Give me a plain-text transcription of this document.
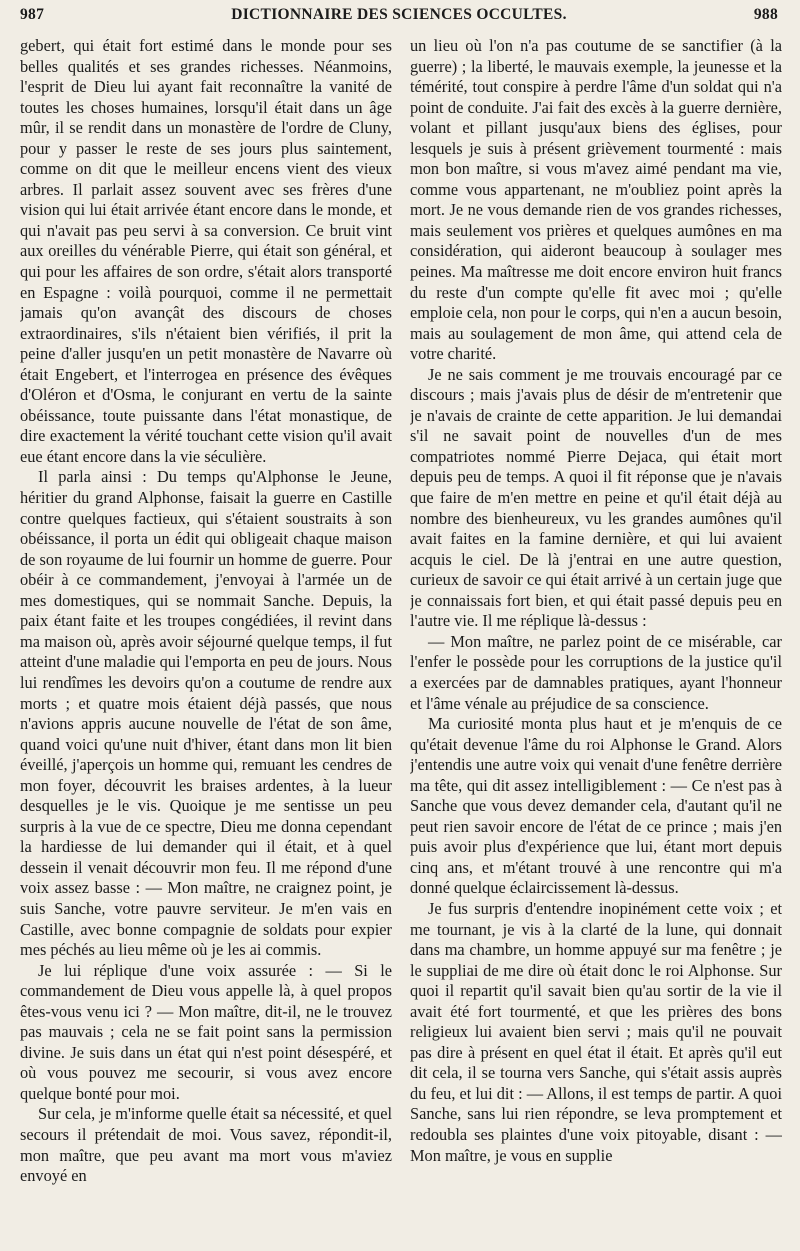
987	DICTIONNAIRE DES SCIENCES OCCULTES.	988

gebert, qui était fort estimé dans le monde pour ses belles qualités et ses grandes richesses. Néanmoins, l'esprit de Dieu lui ayant fait reconnaître la vanité de toutes les choses humaines, lorsqu'il était dans un âge mûr, il se rendit dans un monastère de l'ordre de Cluny, pour y passer le reste de ses jours plus saintement, comme on dit que le meilleur encens vient des vieux arbres. Il parlait assez souvent avec ses frères d'une vision qui lui était arrivée étant encore dans le monde, et qui n'avait pas peu servi à sa conversion. Ce bruit vint aux oreilles du vénérable Pierre, qui était son général, et qui pour les affaires de son ordre, s'était alors transporté en Espagne : voilà pourquoi, comme il ne permettait jamais qu'on avançât des discours de choses extraordinaires, s'ils n'étaient bien vérifiés, il prit la peine d'aller jusqu'en un petit monastère de Navarre où était Engebert, et l'interrogea en présence des évêques d'Oléron et d'Osma, le conjurant en vertu de la sainte obéissance, toute puissante dans l'état monastique, de dire exactement la vérité touchant cette vision qu'il avait eue étant encore dans la vie séculière.

Il parla ainsi : Du temps qu'Alphonse le Jeune, héritier du grand Alphonse, faisait la guerre en Castille contre quelques factieux, qui s'étaient soustraits à son obéissance, il porta un édit qui obligeait chaque maison de son royaume de lui fournir un homme de guerre. Pour obéir à ce commandement, j'envoyai à l'armée un de mes domestiques, qui se nommait Sanche. Depuis, la paix étant faite et les troupes congédiées, il revint dans ma maison où, après avoir séjourné quelque temps, il fut atteint d'une maladie qui l'emporta en peu de jours. Nous lui rendîmes les devoirs qu'on a coutume de rendre aux morts ; et quatre mois étaient déjà passés, que nous n'avions appris aucune nouvelle de l'état de son âme, quand voici qu'une nuit d'hiver, étant dans mon lit bien éveillé, j'aperçois un homme qui, remuant les cendres de mon foyer, découvrit les braises ardentes, à la lueur desquelles je le vis. Quoique je me sentisse un peu surpris à la vue de ce spectre, Dieu me donna cependant la hardiesse de lui demander qui il était, et à quel dessein il venait découvrir mon feu. Il me répond d'une voix assez basse : — Mon maître, ne craignez point, je suis Sanche, votre pauvre serviteur. Je m'en vais en Castille, avec bonne compagnie de soldats pour expier mes péchés au lieu même où je les ai commis.

Je lui réplique d'une voix assurée : — Si le commandement de Dieu vous appelle là, à quel propos êtes-vous venu ici ? — Mon maître, dit-il, ne le trouvez pas mauvais ; cela ne se fait point sans la permission divine. Je suis dans un état qui n'est point désespéré, et où vous pouvez me secourir, si vous avez encore quelque bonté pour moi.

Sur cela, je m'informe quelle était sa nécessité, et quel secours il prétendait de moi. Vous savez, répondit-il, mon maître, que peu avant ma mort vous m'aviez envoyé en

un lieu où l'on n'a pas coutume de se sanctifier (à la guerre) ; la liberté, le mauvais exemple, la jeunesse et la témérité, tout conspire à perdre l'âme d'un soldat qui n'a point de conduite. J'ai fait des excès à la guerre dernière, volant et pillant jusqu'aux biens des églises, pour lesquels je suis à présent grièvement tourmenté : mais mon bon maître, si vous m'avez aimé pendant ma vie, comme vous appartenant, ne m'oubliez point après la mort. Je ne vous demande rien de vos grandes richesses, mais seulement vos prières et quelques aumônes en ma considération, qui aideront beaucoup à soulager mes peines. Ma maîtresse me doit encore environ huit francs du reste d'un compte qu'elle fit avec moi ; qu'elle emploie cela, non pour le corps, qui n'en a aucun besoin, mais au soulagement de mon âme, qui attend cela de votre charité.

Je ne sais comment je me trouvais encouragé par ce discours ; mais j'avais plus de désir de m'entretenir que je n'avais de crainte de cette apparition. Je lui demandai s'il ne savait point de nouvelles d'un de mes compatriotes nommé Pierre Dejaca, qui était mort depuis peu de temps. A quoi il fit réponse que je n'avais que faire de m'en mettre en peine et qu'il était déjà au nombre des bienheureux, vu les grandes aumônes qu'il avait faites en la famine dernière, et qui lui avaient acquis le ciel. De là j'entrai en une autre question, curieux de savoir ce qui était arrivé à un certain juge que je connaissais fort bien, et qui était passé depuis peu en l'autre vie. Il me réplique là-dessus :

— Mon maître, ne parlez point de ce misérable, car l'enfer le possède pour les corruptions de la justice qu'il a exercées par de damnables pratiques, ayant l'honneur et l'âme vénale au préjudice de sa conscience.

Ma curiosité monta plus haut et je m'enquis de ce qu'était devenue l'âme du roi Alphonse le Grand. Alors j'entendis une autre voix qui venait d'une fenêtre derrière ma tête, qui dit assez intelligiblement : — Ce n'est pas à Sanche que vous devez demander cela, d'autant qu'il ne peut rien savoir encore de l'état de ce prince ; mais j'en puis avoir plus d'expérience que lui, étant mort depuis cinq ans, et m'étant trouvé à une rencontre qui m'a donné quelque éclaircissement là-dessus.

Je fus surpris d'entendre inopinément cette voix ; et me tournant, je vis à la clarté de la lune, qui donnait dans ma chambre, un homme appuyé sur ma fenêtre ; je le suppliai de me dire où était donc le roi Alphonse. Sur quoi il repartit qu'il savait bien qu'au sortir de la vie il avait été fort tourmenté, et que les prières des bons religieux lui avaient bien servi ; mais qu'il ne pouvait pas dire à présent en quel état il était. Et après qu'il eut dit cela, il se tourna vers Sanche, qui s'était assis auprès du feu, et lui dit : — Allons, il est temps de partir. A quoi Sanche, sans lui rien répondre, se leva promptement et redoubla ses plaintes d'une voix pitoyable, disant : — Mon maître, je vous en supplie
